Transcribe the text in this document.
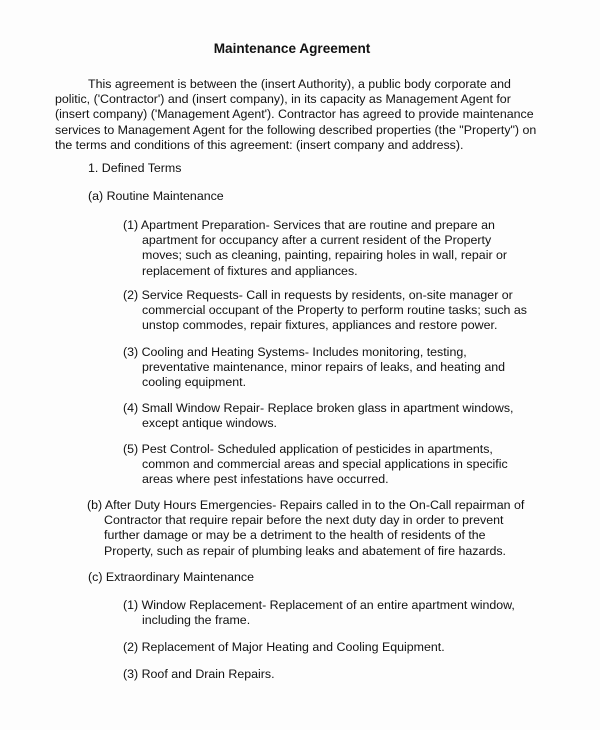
Maintenance Agreement

This agreement is between the (insert Authority), a public body corporate and
politic, ('Contractor') and (insert company), in its capacity as Management Agent for
(insert company) ('Management Agent'). Contractor has agreed to provide maintenance
services to Management Agent for the following described properties (the "Property") on
the terms and conditions of this agreement: (insert company and address).

1. Defined Terms
(a) Routine Maintenance
(1) Apartment Preparation- Services that are routine and prepare an
apartment for occupancy after a current resident of the Property
moves; such as cleaning, painting, repairing holes in wall, repair or
replacement of fixtures and appliances.
(2) Service Requests- Call in requests by residents, on-site manager or
commercial occupant of the Property to perform routine tasks; such as
unstop commodes, repair fixtures, appliances and restore power.
(3) Cooling and Heating Systems- Includes monitoring, testing,
preventative maintenance, minor repairs of leaks, and heating and
cooling equipment.
(4) Small Window Repair- Replace broken glass in apartment windows,
except antique windows.
(5) Pest Control- Scheduled application of pesticides in apartments,
common and commercial areas and special applications in specific
areas where pest infestations have occurred.
(b) After Duty Hours Emergencies- Repairs called in to the On-Call repairman of
Contractor that require repair before the next duty day in order to prevent
further damage or may be a detriment to the health of residents of the
Property, such as repair of plumbing leaks and abatement of fire hazards.
(c) Extraordinary Maintenance
(1) Window Replacement- Replacement of an entire apartment window,
including the frame.
(2) Replacement of Major Heating and Cooling Equipment.
(3) Roof and Drain Repairs.
